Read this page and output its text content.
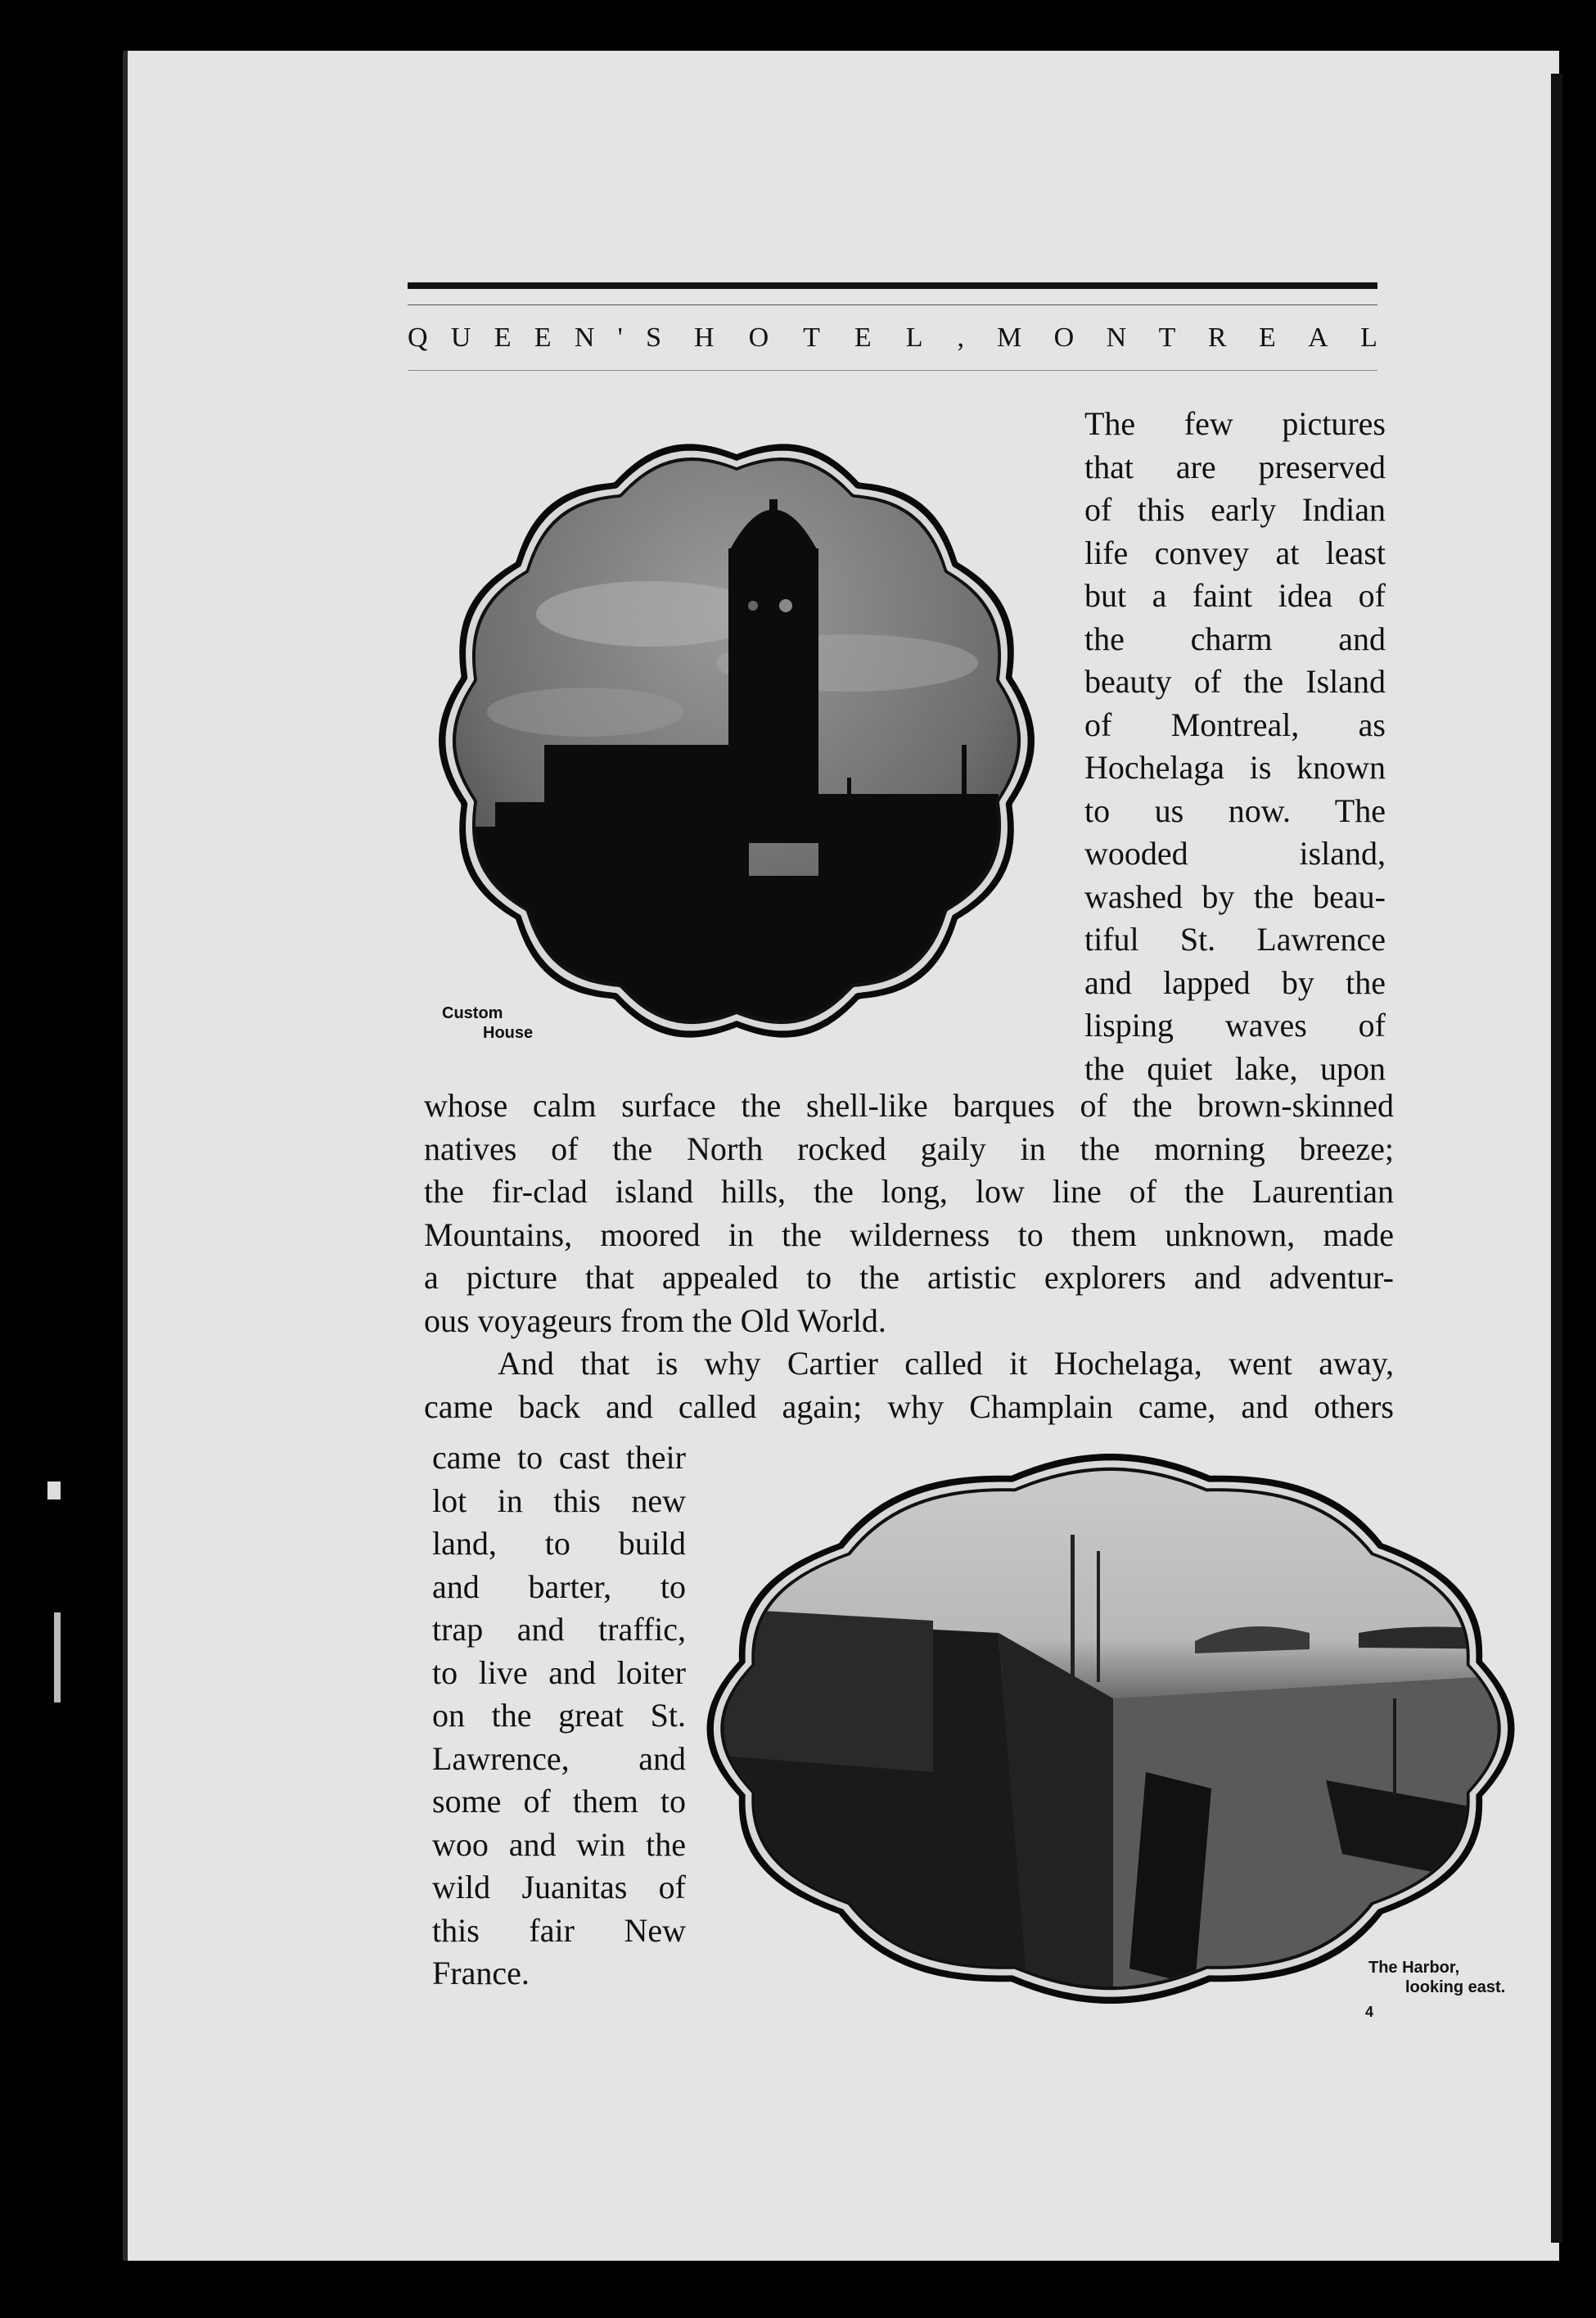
Q U E E N ' S H O T E L , M O N T R E A L
Custom
House

The few pictures

that are preserved

of this early Indian

life convey at least

but a faint idea of

the charm and

beauty of the Island

of Montreal, as

Hochelaga is known

to us now. The

wooded island,

washed by the beau-

tiful St. Lawrence

and lapped by the

lisping waves of

the quiet lake, upon

whose calm surface the shell-like barques of the brown-skinned

natives of the North rocked gaily in the morning breeze;

the fir-clad island hills, the long, low line of the Laurentian

Mountains, moored in the wilderness to them unknown, made

a picture that appealed to the artistic explorers and adventur-

ous voyageurs from the Old World.

And that is why Cartier called it Hochelaga, went away,

came back and called again; why Champlain came, and others

came to cast their

lot in this new

land, to build

and barter, to

trap and traffic,

to live and loiter

on the great St.

Lawrence, and

some of them to

woo and win the

wild Juanitas of

this fair New

France.	The Harbor,
looking east.
4
